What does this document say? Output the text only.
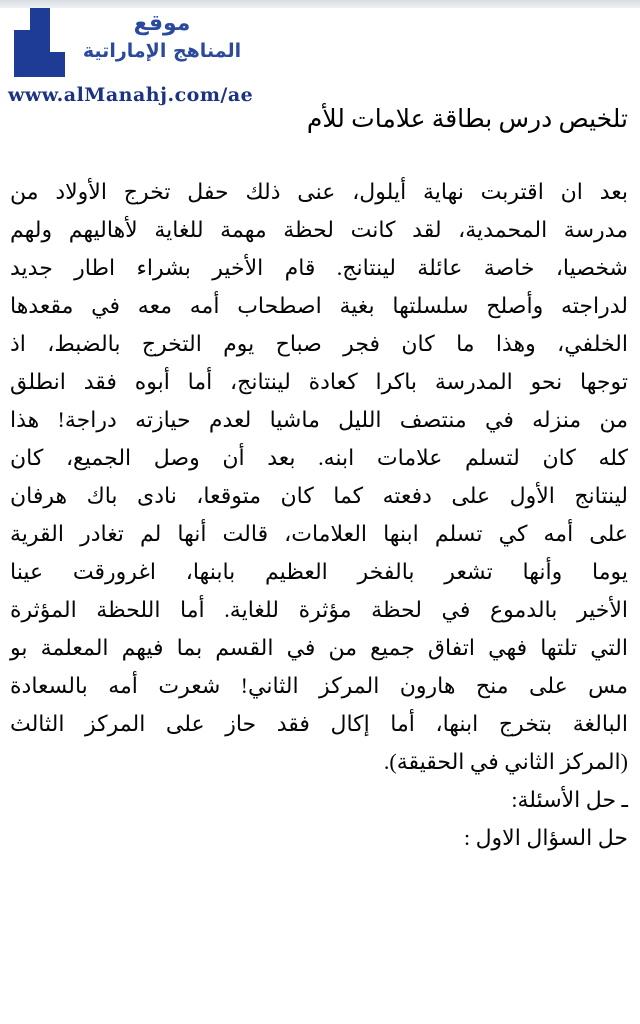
موقع
المناهج الإماراتية
www.alManahj.com/ae
تلخيص درس بطاقة علامات للأم
بعد ان اقتربت نهاية أيلول، عنى ذلك حفل تخرج الأولاد من
مدرسة المحمدية، لقد كانت لحظة مهمة للغاية لأهاليهم ولهم
شخصيا، خاصة عائلة لينتانج. قام الأخير بشراء اطار جديد
لدراجته وأصلح سلسلتها بغية اصطحاب أمه معه في مقعدها
الخلفي، وهذا ما كان فجر صباح يوم التخرج بالضبط، اذ
توجها نحو المدرسة باكرا كعادة لينتانج، أما أبوه فقد انطلق
من منزله في منتصف الليل ماشيا لعدم حيازته دراجة! هذا
كله كان لتسلم علامات ابنه. بعد أن وصل الجميع، كان
لينتانج الأول على دفعته كما كان متوقعا، نادى باك هرفان
على أمه كي تسلم ابنها العلامات، قالت أنها لم تغادر القرية
يوما وأنها تشعر بالفخر العظيم بابنها، اغرورقت عينا
الأخير بالدموع في لحظة مؤثرة للغاية. أما اللحظة المؤثرة
التي تلتها فهي اتفاق جميع من في القسم بما فيهم المعلمة بو
مس على منح هارون المركز الثاني! شعرت أمه بالسعادة
البالغة بتخرج ابنها، أما إكال فقد حاز على المركز الثالث
(المركز الثاني في الحقيقة).
ـ حل الأسئلة:
حل السؤال الاول :
